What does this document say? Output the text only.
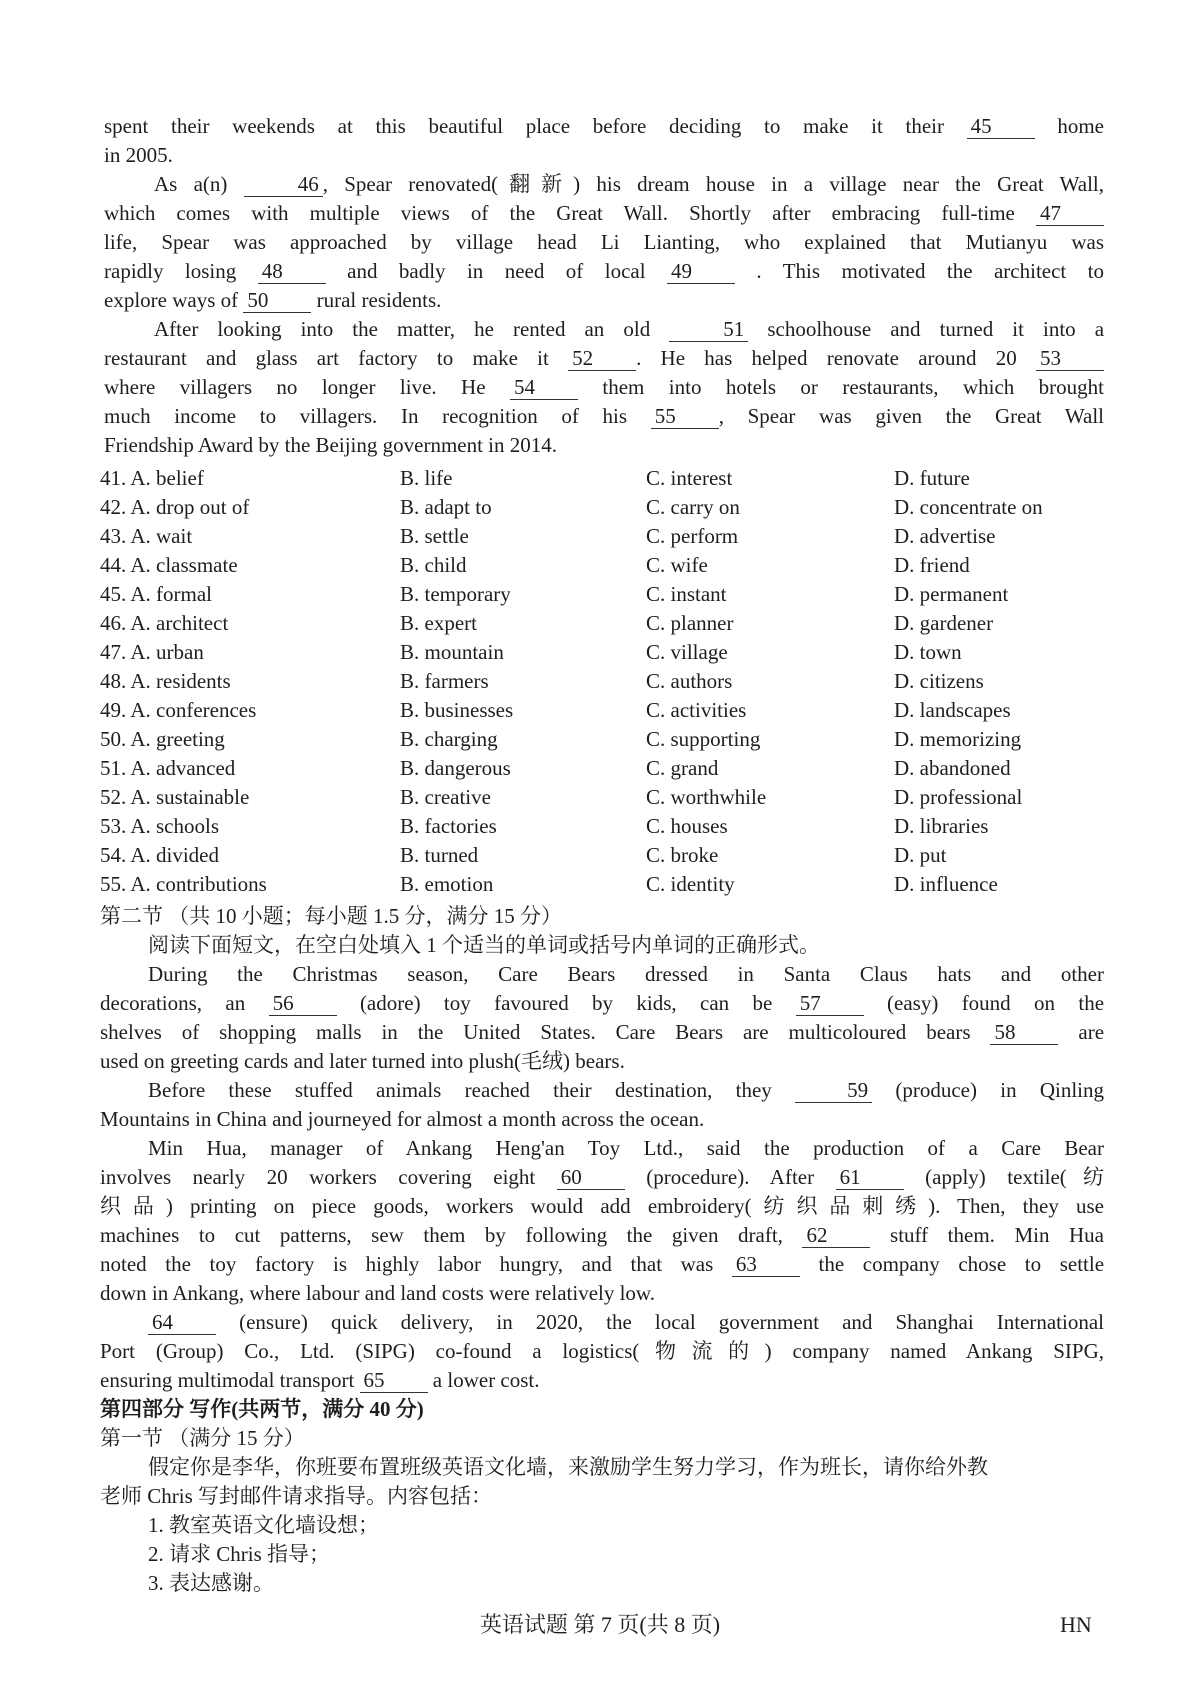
spent their weekends at this beautiful place before deciding to make it their 45	home

in 2005.

As a(n)	46 , Spear renovated(翻新) his dream house in a village near the Great Wall,

which comes with multiple views of the Great Wall. Shortly after embracing full-time 47

life, Spear was approached by village head Li Lianting, who explained that Mutianyu was

rapidly losing 48	and badly in need of local 49	. This motivated the architect to

explore ways of 50 rural residents.

After looking into the matter, he rented an old	51 schoolhouse and turned it into a

restaurant and glass art factory to make it 52 . He has helped renovate around 20 53

where villagers no longer live. He 54	them into hotels or restaurants, which brought

much income to villagers. In recognition of his 55 , Spear was given the Great Wall

Friendship Award by the Beijing government in 2014.

41. A. belief	B. life	C. interest	D. future
42. A. drop out of	B. adapt to	C. carry on	D. concentrate on
43. A. wait	B. settle	C. perform	D. advertise
44. A. classmate	B. child	C. wife	D. friend
45. A. formal	B. temporary	C. instant	D. permanent
46. A. architect	B. expert	C. planner	D. gardener
47. A. urban	B. mountain	C. village	D. town
48. A. residents	B. farmers	C. authors	D. citizens
49. A. conferences	B. businesses	C. activities	D. landscapes
50. A. greeting	B. charging	C. supporting	D. memorizing
51. A. advanced	B. dangerous	C. grand	D. abandoned
52. A. sustainable	B. creative	C. worthwhile	D. professional
53. A. schools	B. factories	C. houses	D. libraries
54. A. divided	B. turned	C. broke	D. put
55. A. contributions	B. emotion	C. identity	D. influence

第二节 （共 10 小题；每小题 1.5 分，满分 15 分）

阅读下面短文，在空白处填入 1 个适当的单词或括号内单词的正确形式。

During the Christmas season, Care Bears dressed in Santa Claus hats and other

decorations, an 56	(adore) toy favoured by kids, can be 57	(easy) found on the

shelves of shopping malls in the United States. Care Bears are multicoloured bears 58	are

used on greeting cards and later turned into plush(毛绒) bears.

Before these stuffed animals reached their destination, they	59 (produce) in Qinling

Mountains in China and journeyed for almost a month across the ocean.

Min Hua, manager of Ankang Heng'an Toy Ltd., said the production of a Care Bear

involves nearly 20 workers covering eight 60	(procedure). After 61	(apply) textile(纺

织品) printing on piece goods, workers would add embroidery(纺织品刺绣). Then, they use

machines to cut patterns, sew them by following the given draft, 62	stuff them. Min Hua

noted the toy factory is highly labor hungry, and that was 63	the company chose to settle

down in Ankang, where labour and land costs were relatively low.

64	(ensure) quick delivery, in 2020, the local government and Shanghai International

Port (Group) Co., Ltd. (SIPG) co-found a logistics(物流的) company named Ankang SIPG,

ensuring multimodal transport 65 a lower cost.

第四部分 写作(共两节，满分 40 分)

第一节 （满分 15 分）

假定你是李华，你班要布置班级英语文化墙，来激励学生努力学习，作为班长，请你给外教

老师 Chris 写封邮件请求指导。内容包括：

1. 教室英语文化墙设想；

2. 请求 Chris 指导；

3. 表达感谢。

英语试题 第 7 页(共 8 页)	HN
